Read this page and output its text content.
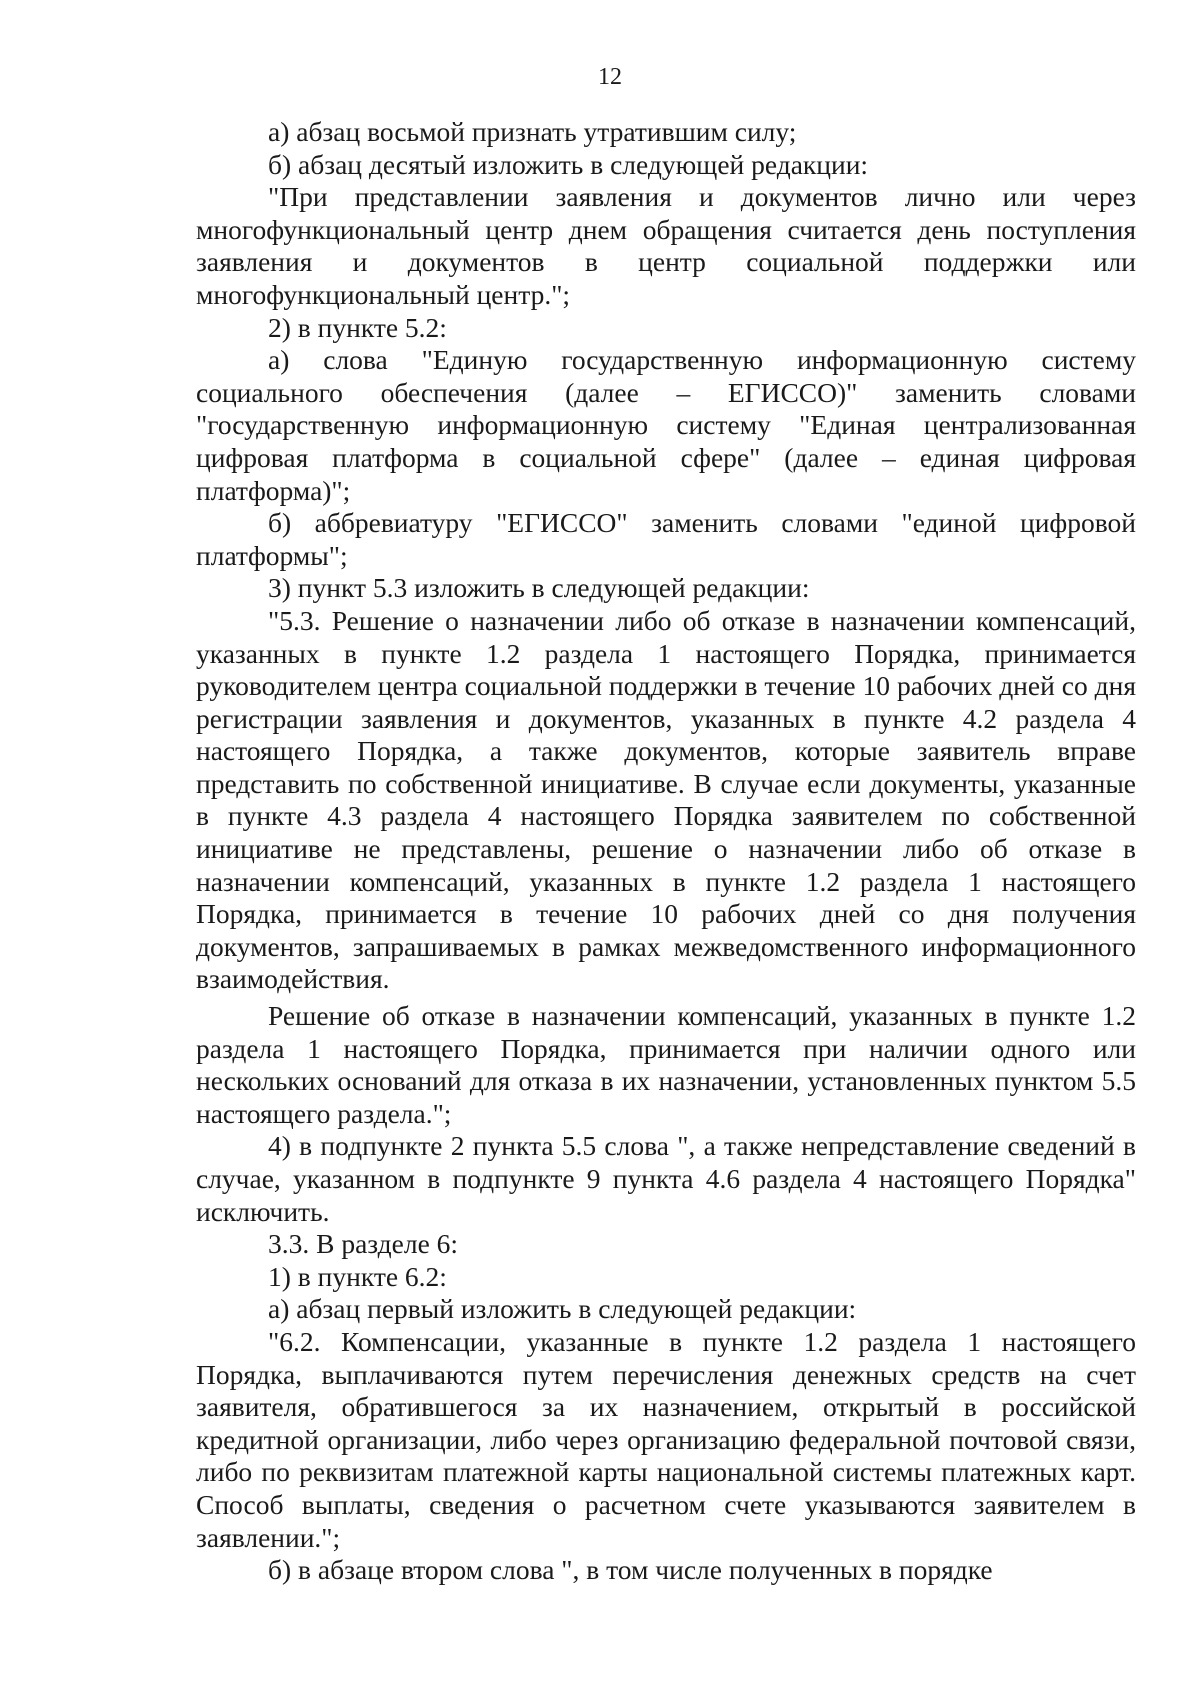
12

а) абзац восьмой признать утратившим силу;

б) абзац десятый изложить в следующей редакции:

"При представлении заявления и документов лично или через многофункциональный центр днем обращения считается день поступления заявления и документов в центр социальной поддержки или многофункциональный центр.";

2) в пункте 5.2:

а) слова "Единую государственную информационную систему социального обеспечения (далее – ЕГИССО)" заменить словами "государственную информационную систему "Единая централизованная цифровая платформа в социальной сфере" (далее – единая цифровая платформа)";

б) аббревиатуру "ЕГИССО" заменить словами "единой цифровой платформы";

3) пункт 5.3 изложить в следующей редакции:

"5.3. Решение о назначении либо об отказе в назначении компенсаций, указанных в пункте 1.2 раздела 1 настоящего Порядка, принимается руководителем центра социальной поддержки в течение 10 рабочих дней со дня регистрации заявления и документов, указанных в пункте 4.2 раздела 4 настоящего Порядка, а также документов, которые заявитель вправе представить по собственной инициативе. В случае если документы, указанные в пункте 4.3 раздела 4 настоящего Порядка заявителем по собственной инициативе не представлены, решение о назначении либо об отказе в назначении компенсаций, указанных в пункте 1.2 раздела 1 настоящего Порядка, принимается в течение 10 рабочих дней со дня получения документов, запрашиваемых в рамках межведомственного информационного взаимодействия.

Решение об отказе в назначении компенсаций, указанных в пункте 1.2 раздела 1 настоящего Порядка, принимается при наличии одного или нескольких оснований для отказа в их назначении, установленных пунктом 5.5 настоящего раздела.";

4) в подпункте 2 пункта 5.5 слова ", а также непредставление сведений в случае, указанном в подпункте 9 пункта 4.6 раздела 4 настоящего Порядка" исключить.

3.3. В разделе 6:

1) в пункте 6.2:

а) абзац первый изложить в следующей редакции:

"6.2. Компенсации, указанные в пункте 1.2 раздела 1 настоящего Порядка, выплачиваются путем перечисления денежных средств на счет заявителя, обратившегося за их назначением, открытый в российской кредитной организации, либо через организацию федеральной почтовой связи, либо по реквизитам платежной карты национальной системы платежных карт. Способ выплаты, сведения о расчетном счете указываются заявителем в заявлении.";

б) в абзаце втором слова ", в том числе полученных в порядке
